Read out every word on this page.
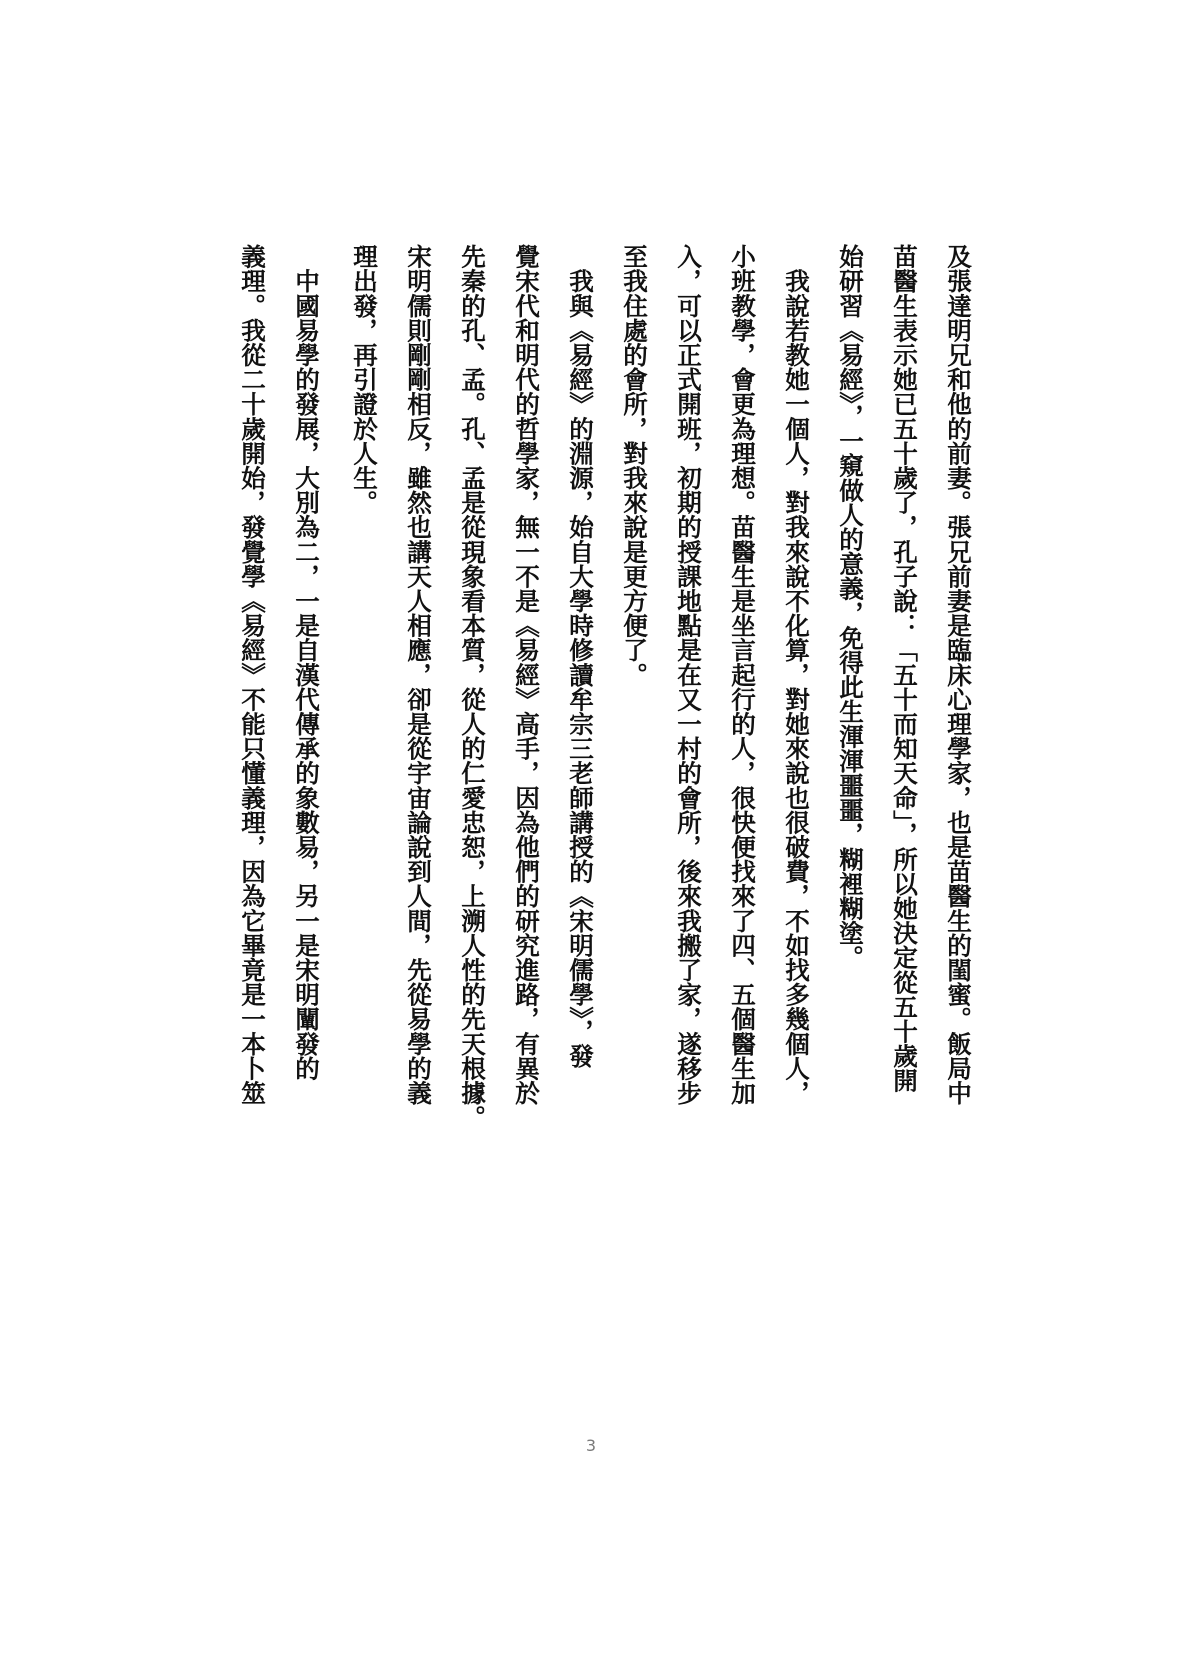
及張達明兄和他的前妻。張兄前妻是臨床心理學家，也是苗醫生的閨蜜。飯局中
苗醫生表示她已五十歲了，孔子說：「五十而知天命」，所以她決定從五十歲開
始研習《易經》，一窺做人的意義，免得此生渾渾噩噩，糊裡糊塗。
　我說若教她一個人，對我來說不化算，對她來說也很破費，不如找多幾個人，
小班教學，會更為理想。苗醫生是坐言起行的人，很快便找來了四、五個醫生加
入，可以正式開班，初期的授課地點是在又一村的會所，後來我搬了家，遂移步
至我住處的會所，對我來說是更方便了。
　我與《易經》的淵源，始自大學時修讀牟宗三老師講授的《宋明儒學》，發
覺宋代和明代的哲學家，無一不是《易經》高手，因為他們的研究進路，有異於
先秦的孔、孟。孔、孟是從現象看本質，從人的仁愛忠恕，上溯人性的先天根據。
宋明儒則剛剛相反，雖然也講天人相應，卻是從宇宙論說到人間，先從易學的義
理出發，再引證於人生。
　中國易學的發展，大別為二，一是自漢代傳承的象數易，另一是宋明闡發的
義理。我從二十歲開始，發覺學《易經》不能只懂義理，因為它畢竟是一本卜筮
3
